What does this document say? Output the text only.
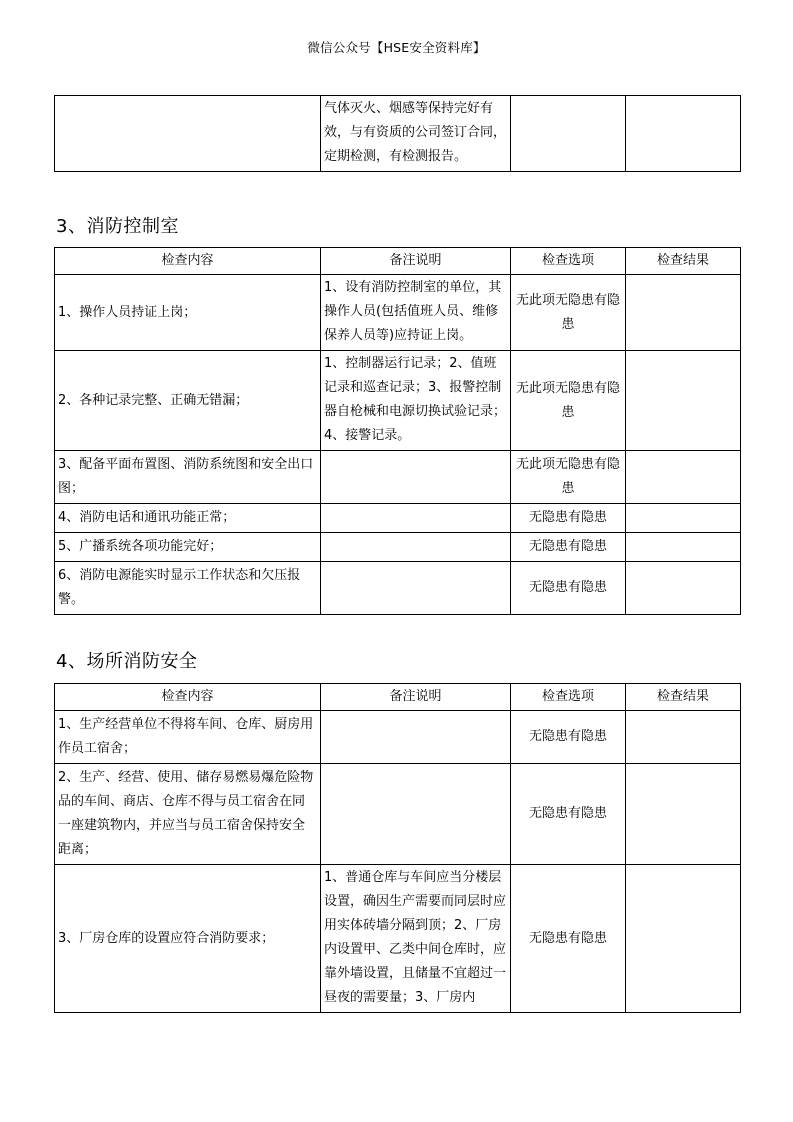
微信公众号【HSE安全资料库】
	气体灭火、烟感等保持完好有效，与有资质的公司签订合同，定期检测，有检测报告。		
3、消防控制室
检查内容	备注说明	检查选项	检查结果
1、操作人员持证上岗；	1、设有消防控制室的单位，其操作人员(包括值班人员、维修保养人员等)应持证上岗。	无此项无隐患有隐患	
2、各种记录完整、正确无错漏；	1、控制器运行记录；2、值班记录和巡查记录；3、报警控制器自枪械和电源切换试验记录；4、接警记录。	无此项无隐患有隐患	
3、配备平面布置图、消防系统图和安全出口图；		无此项无隐患有隐患	
4、消防电话和通讯功能正常；		无隐患有隐患	
5、广播系统各项功能完好；		无隐患有隐患	
6、消防电源能实时显示工作状态和欠压报警。		无隐患有隐患	
4、场所消防安全
检查内容	备注说明	检查选项	检查结果
1、生产经营单位不得将车间、仓库、厨房用作员工宿舍；		无隐患有隐患	
2、生产、经营、使用、储存易燃易爆危险物品的车间、商店、仓库不得与员工宿舍在同一座建筑物内，并应当与员工宿舍保持安全距离；		无隐患有隐患	
3、厂房仓库的设置应符合消防要求；	1、普通仓库与车间应当分楼层设置，确因生产需要而同层时应用实体砖墙分隔到顶；2、厂房内设置甲、乙类中间仓库时，应靠外墙设置，且储量不宜超过一昼夜的需要量；3、厂房内	无隐患有隐患	
